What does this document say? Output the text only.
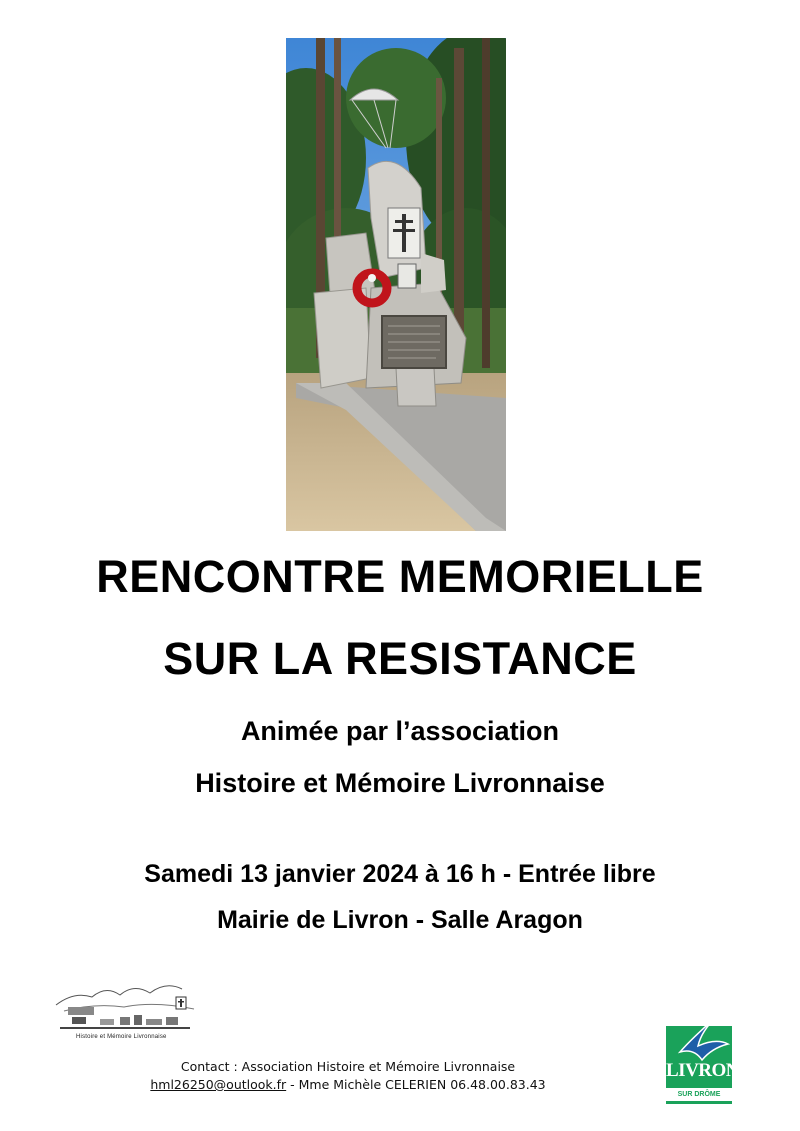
RENCONTRE MEMORIELLE
SUR LA RESISTANCE

Animée par l’association

Histoire et Mémoire Livronnaise

Samedi 13 janvier 2024 à 16 h - Entrée libre

Mairie de Livron - Salle Aragon

Histoire et Mémoire Livronnaise
Contact : Association Histoire et Mémoire Livronnaise
hml26250@outlook.fr - Mme Michèle CELERIEN 06.48.00.83.43
LIVRON
SUR DRÔME
